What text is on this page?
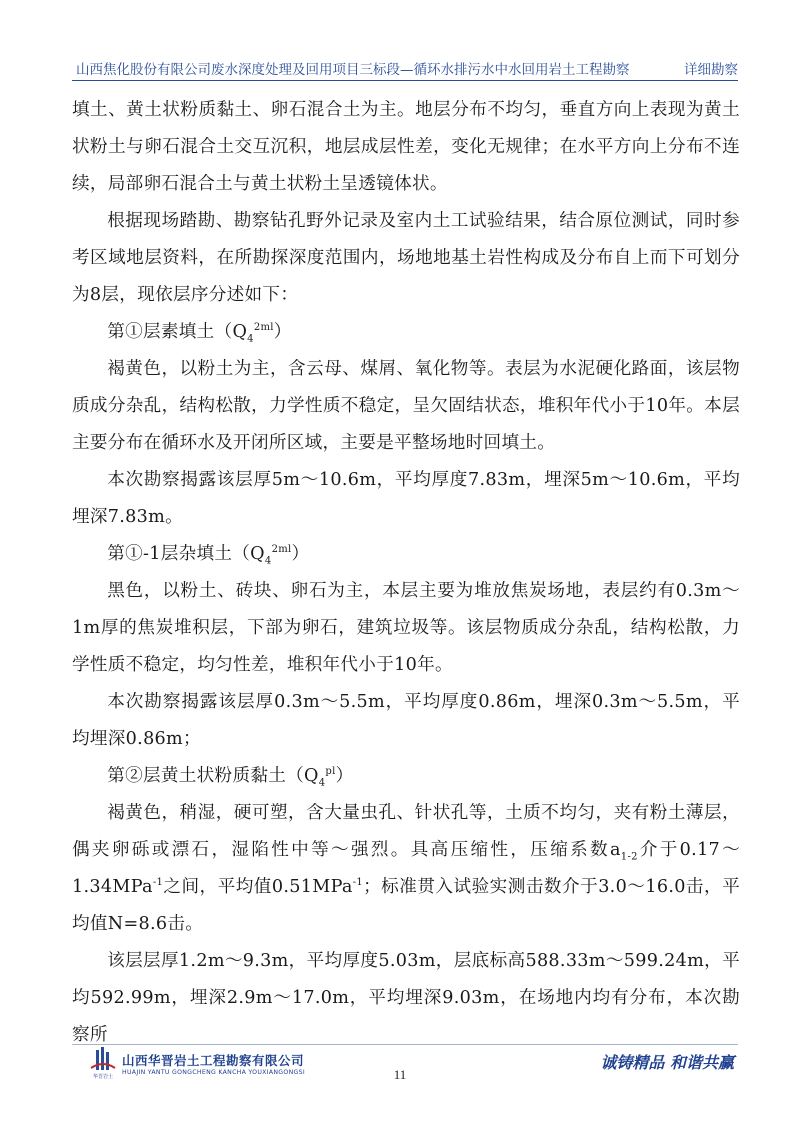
山西焦化股份有限公司废水深度处理及回用项目三标段—循环水排污水中水回用岩土工程勘察	详细勘察

填土、黄土状粉质黏土、卵石混合土为主。地层分布不均匀，垂直方向上表现为黄土状粉土与卵石混合土交互沉积，地层成层性差，变化无规律；在水平方向上分布不连续，局部卵石混合土与黄土状粉土呈透镜体状。

根据现场踏勘、勘察钻孔野外记录及室内土工试验结果，结合原位测试，同时参考区域地层资料，在所勘探深度范围内，场地地基土岩性构成及分布自上而下可划分为8层，现依层序分述如下：

第①层素填土$(Q_4^{2ml})$

褐黄色，以粉土为主，含云母、煤屑、氧化物等。表层为水泥硬化路面，该层物质成分杂乱，结构松散，力学性质不稳定，呈欠固结状态，堆积年代小于10年。本层主要分布在循环水及开闭所区域，主要是平整场地时回填土。

本次勘察揭露该层厚5m～10.6m，平均厚度7.83m，埋深5m～10.6m，平均埋深7.83m。

第①-1层杂填土$(Q_4^{2ml})$

黑色，以粉土、砖块、卵石为主，本层主要为堆放焦炭场地，表层约有0.3m～1m厚的焦炭堆积层，下部为卵石，建筑垃圾等。该层物质成分杂乱，结构松散，力学性质不稳定，均匀性差，堆积年代小于10年。

本次勘察揭露该层厚0.3m～5.5m，平均厚度0.86m，埋深0.3m～5.5m，平均埋深0.86m；

第②层黄土状粉质黏土$(Q_4^{pl})$

褐黄色，稍湿，硬可塑，含大量虫孔、针状孔等，土质不均匀，夹有粉土薄层，偶夹卵砾或漂石，湿陷性中等～强烈。具高压缩性，压缩系数$a_{1-2}$介于0.17～1.34MPa$^{-1}$之间，平均值0.51MPa$^{-1}$；标准贯入试验实测击数介于3.0～16.0击，平均值N=8.6击。

该层层厚1.2m～9.3m，平均厚度5.03m，层底标高588.33m～599.24m，平均592.99m，埋深2.9m～17.0m，平均埋深9.03m，在场地内均有分布，本次勘察所

华晋岩土
山西华晋岩土工程勘察有限公司
HUAJIN YANTU GONGCHENG KANCHA YOUXIANGONGSI	11
诚铸精品 和谐共赢
